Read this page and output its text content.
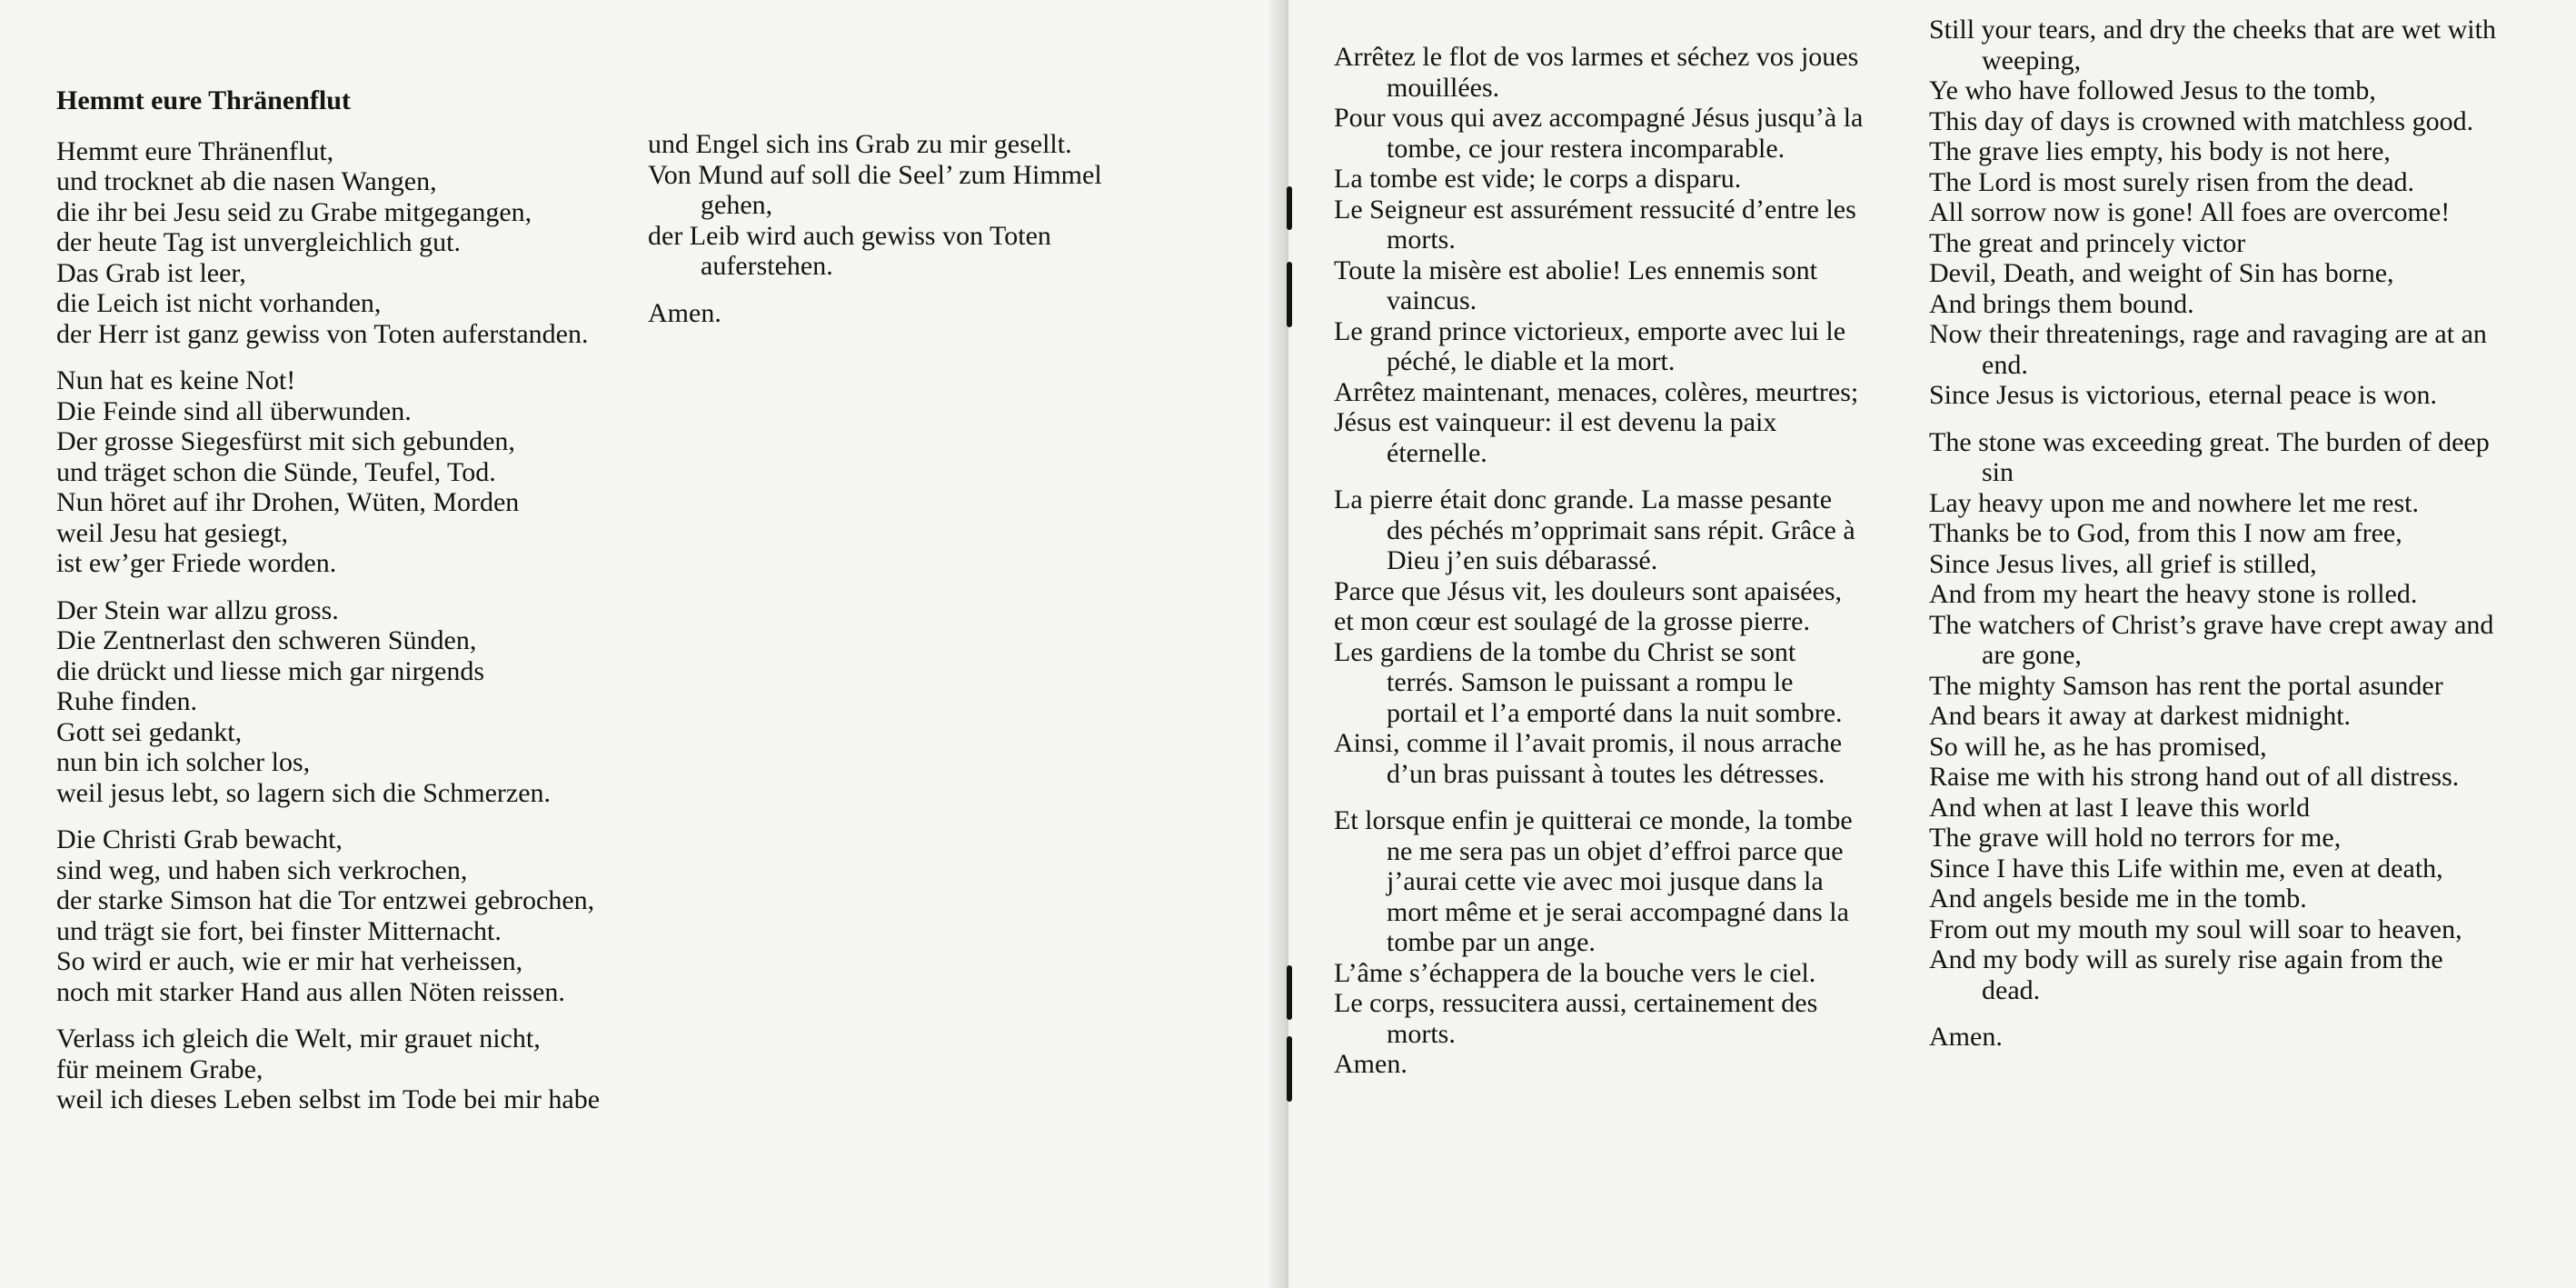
Hemmt eure Thränenflut
Hemmt eure Thränenflut,
und trocknet ab die nasen Wangen,
die ihr bei Jesu seid zu Grabe mitgegangen,
der heute Tag ist unvergleichlich gut.
Das Grab ist leer,
die Leich ist nicht vorhanden,
der Herr ist ganz gewiss von Toten auferstanden.
Nun hat es keine Not!
Die Feinde sind all überwunden.
Der grosse Siegesfürst mit sich gebunden,
und träget schon die Sünde, Teufel, Tod.
Nun höret auf ihr Drohen, Wüten, Morden
weil Jesu hat gesiegt,
ist ew’ger Friede worden.
Der Stein war allzu gross.
Die Zentnerlast den schweren Sünden,
die drückt und liesse mich gar nirgends
Ruhe finden.
Gott sei gedankt,
nun bin ich solcher los,
weil jesus lebt, so lagern sich die Schmerzen.
Die Christi Grab bewacht,
sind weg, und haben sich verkrochen,
der starke Simson hat die Tor entzwei gebrochen,
und trägt sie fort, bei finster Mitternacht.
So wird er auch, wie er mir hat verheissen,
noch mit starker Hand aus allen Nöten reissen.
Verlass ich gleich die Welt, mir grauet nicht,
für meinem Grabe,
weil ich dieses Leben selbst im Tode bei mir habe
und Engel sich ins Grab zu mir gesellt.
Von Mund auf soll die Seel’ zum Himmel gehen,
der Leib wird auch gewiss von Toten auferstehen.
Amen.
Arrêtez le flot de vos larmes et séchez vos joues mouillées.
Pour vous qui avez accompagné Jésus jusqu’à la tombe, ce jour restera incomparable.
La tombe est vide; le corps a disparu.
Le Seigneur est assurément ressucité d’entre les morts.
Toute la misère est abolie! Les ennemis sont vaincus.
Le grand prince victorieux, emporte avec lui le péché, le diable et la mort.
Arrêtez maintenant, menaces, colères, meurtres;
Jésus est vainqueur: il est devenu la paix éternelle.
La pierre était donc grande. La masse pesante des péchés m’opprimait sans répit. Grâce à Dieu j’en suis débarassé.
Parce que Jésus vit, les douleurs sont apaisées,
et mon cœur est soulagé de la grosse pierre.
Les gardiens de la tombe du Christ se sont terrés. Samson le puissant a rompu le portail et l’a emporté dans la nuit sombre.
Ainsi, comme il l’avait promis, il nous arrache d’un bras puissant à toutes les détresses.
Et lorsque enfin je quitterai ce monde, la tombe ne me sera pas un objet d’effroi parce que j’aurai cette vie avec moi jusque dans la mort même et je serai accompagné dans la tombe par un ange.
L’âme s’échappera de la bouche vers le ciel.
Le corps, ressucitera aussi, certainement des morts.
Amen.
Still your tears, and dry the cheeks that are wet with weeping,
Ye who have followed Jesus to the tomb,
This day of days is crowned with matchless good.
The grave lies empty, his body is not here,
The Lord is most surely risen from the dead.
All sorrow now is gone! All foes are overcome!
The great and princely victor
Devil, Death, and weight of Sin has borne,
And brings them bound.
Now their threatenings, rage and ravaging are at an end.
Since Jesus is victorious, eternal peace is won.
The stone was exceeding great. The burden of deep sin
Lay heavy upon me and nowhere let me rest.
Thanks be to God, from this I now am free,
Since Jesus lives, all grief is stilled,
And from my heart the heavy stone is rolled.
The watchers of Christ’s grave have crept away and are gone,
The mighty Samson has rent the portal asunder
And bears it away at darkest midnight.
So will he, as he has promised,
Raise me with his strong hand out of all distress.
And when at last I leave this world
The grave will hold no terrors for me,
Since I have this Life within me, even at death,
And angels beside me in the tomb.
From out my mouth my soul will soar to heaven,
And my body will as surely rise again from the dead.
Amen.
